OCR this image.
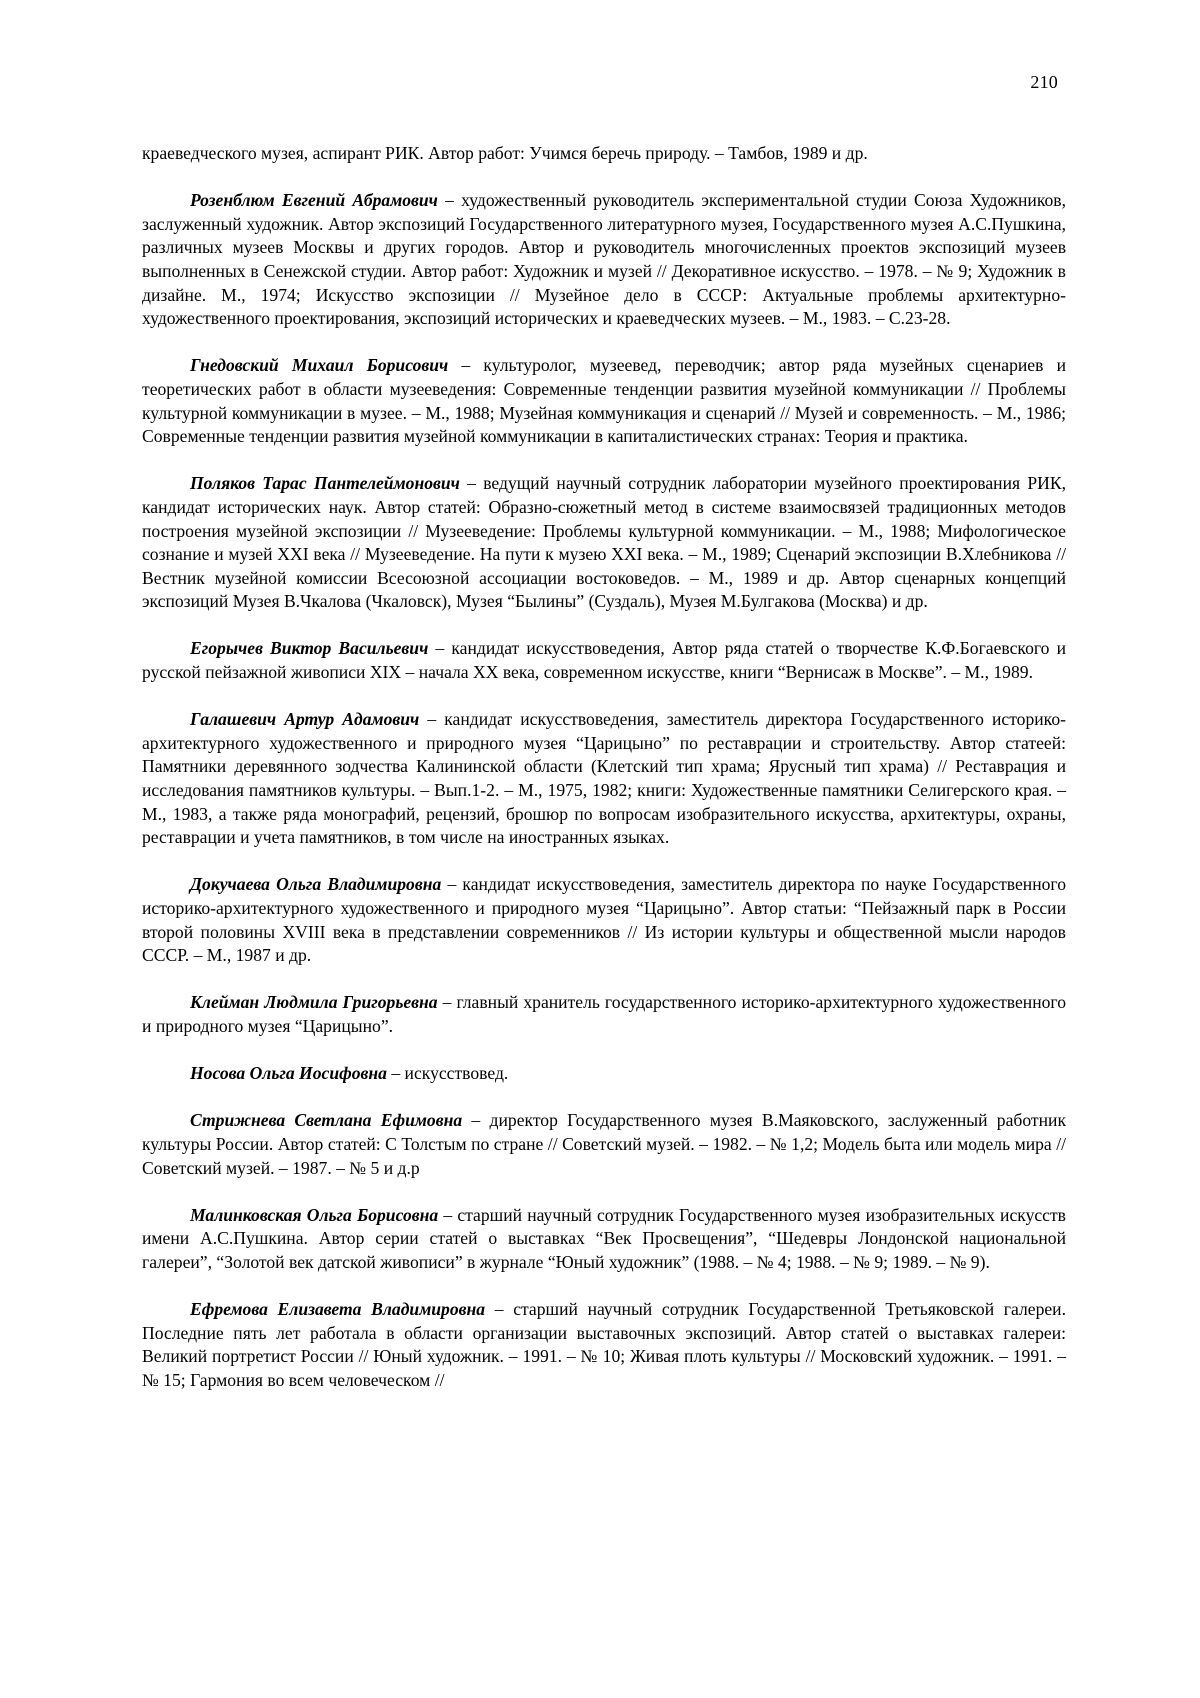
210

краеведческого музея, аспирант РИК. Автор работ: Учимся беречь природу. – Тамбов, 1989 и др.

Розенблюм Евгений Абрамович – художественный руководитель экспериментальной студии Союза Художников, заслуженный художник. Автор экспозиций Государственного литературного музея, Государственного музея А.С.Пушкина, различных музеев Москвы и других городов. Автор и руководитель многочисленных проектов экспозиций музеев выполненных в Сенежской студии. Автор работ: Художник и музей // Декоративное искусство. – 1978. – № 9; Художник в дизайне. М., 1974; Искусство экспозиции // Музейное дело в СССР: Актуальные проблемы архитектурно-художественного проектирования, экспозиций исторических и краеведческих музеев. – М., 1983. – С.23-28.

Гнедовский Михаил Борисович – культуролог, музеевед, переводчик; автор ряда музейных сценариев и теоретических работ в области музееведения: Современные тенденции развития музейной коммуникации // Проблемы культурной коммуникации в музее. – М., 1988; Музейная коммуникация и сценарий // Музей и современность. – М., 1986; Современные тенденции развития музейной коммуникации в капиталистических странах: Теория и практика.

Поляков Тарас Пантелеймонович – ведущий научный сотрудник лаборатории музейного проектирования РИК, кандидат исторических наук. Автор статей: Образно-сюжетный метод в системе взаимосвязей традиционных методов построения музейной экспозиции // Музееведение: Проблемы культурной коммуникации. – М., 1988; Мифологическое сознание и музей XXI века // Музееведение. На пути к музею XXI века. – М., 1989; Сценарий экспозиции В.Хлебникова // Вестник музейной комиссии Всесоюзной ассоциации востоковедов. – М., 1989 и др. Автор сценарных концепций экспозиций Музея В.Чкалова (Чкаловск), Музея “Былины” (Суздаль), Музея М.Булгакова (Москва) и др.

Егорычев Виктор Васильевич – кандидат искусствоведения, Автор ряда статей о творчестве К.Ф.Богаевского и русской пейзажной живописи XIX – начала XX века, современном искусстве, книги “Вернисаж в Москве”. – М., 1989.

Галашевич Артур Адамович – кандидат искусствоведения, заместитель директора Государственного историко-архитектурного художественного и природного музея “Царицыно” по реставрации и строительству. Автор статеей: Памятники деревянного зодчества Калининской области (Клетский тип храма; Ярусный тип храма) // Реставрация и исследования памятников культуры. – Вып.1-2. – М., 1975, 1982; книги: Художественные памятники Селигерского края. – М., 1983, а также ряда монографий, рецензий, брошюр по вопросам изобразительного искусства, архитектуры, охраны, реставрации и учета памятников, в том числе на иностранных языках.

Докучаева Ольга Владимировна – кандидат искусствоведения, заместитель директора по науке Государственного историко-архитектурного художественного и природного музея “Царицыно”. Автор статьи: “Пейзажный парк в России второй половины XVIII века в представлении современников // Из истории культуры и общественной мысли народов СССР. – М., 1987 и др.

Клейман Людмила Григорьевна – главный хранитель государственного историко-архитектурного художественного и природного музея “Царицыно”.

Носова Ольга Иосифовна – искусствовед.

Стрижнева Светлана Ефимовна – директор Государственного музея В.Маяковского, заслуженный работник культуры России. Автор статей: С Толстым по стране // Советский музей. – 1982. – № 1,2; Модель быта или модель мира // Советский музей. – 1987. – № 5 и д.р

Малинковская Ольга Борисовна – старший научный сотрудник Государственного музея изобразительных искусств имени А.С.Пушкина. Автор серии статей о выставках “Век Просвещения”, “Шедевры Лондонской национальной галереи”, “Золотой век датской живописи” в журнале “Юный художник” (1988. – № 4; 1988. – № 9; 1989. – № 9).

Ефремова Елизавета Владимировна – старший научный сотрудник Государственной Третьяковской галереи. Последние пять лет работала в области организации выставочных экспозиций. Автор статей о выставках галереи: Великий портретист России // Юный художник. – 1991. – № 10; Живая плоть культуры // Московский художник. – 1991. – № 15; Гармония во всем человеческом //
